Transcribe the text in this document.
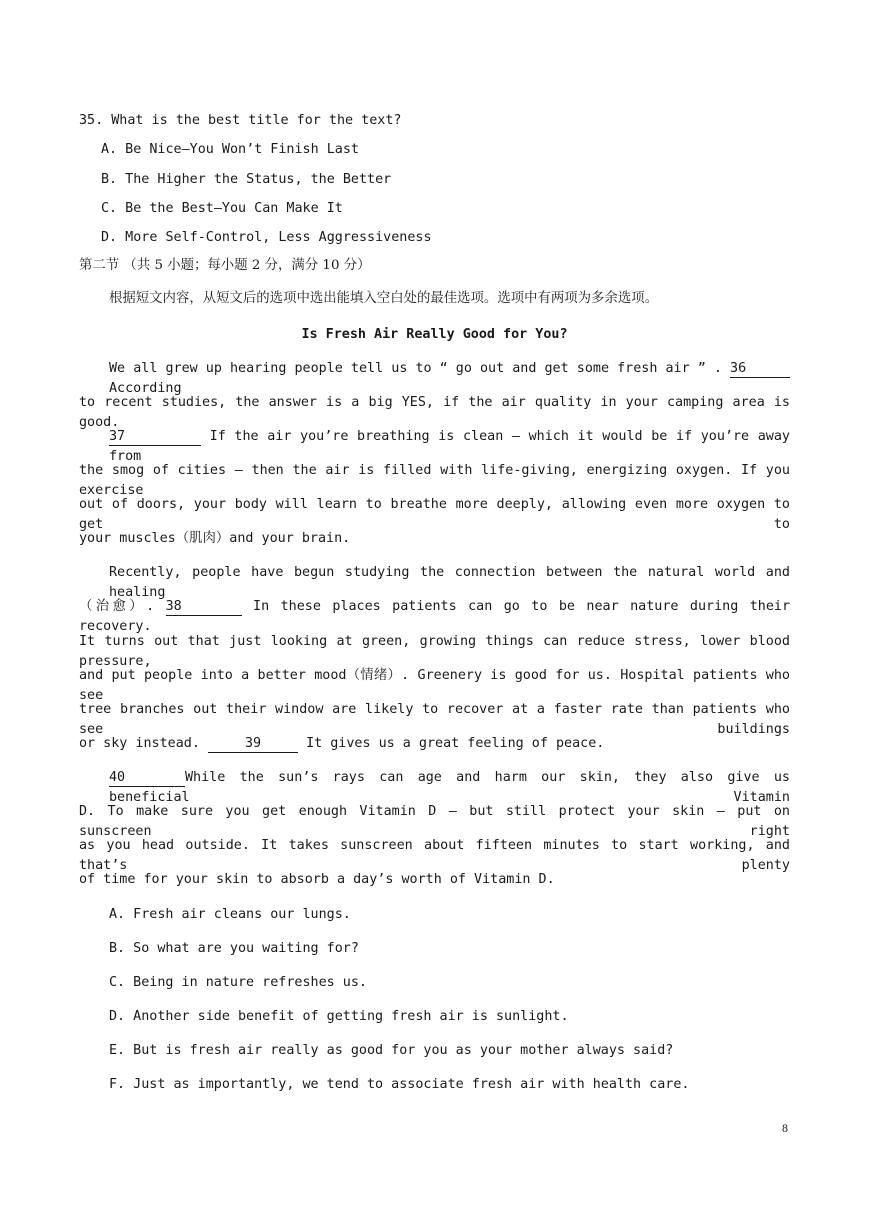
35. What is the best title for the text?
A. Be Nice—You Won’t Finish Last
B. The Higher the Status, the Better
C. Be the Best—You Can Make It
D. More Self-Control, Less Aggressiveness
第二节 （共 5 小题；每小题 2 分，满分 10 分）
根据短文内容，从短文后的选项中选出能填入空白处的最佳选项。选项中有两项为多余选项。
Is Fresh Air Really Good for You?
We all grew up hearing people tell us to “ go out and get some fresh air ” . 36 According
to recent studies, the answer is a big YES, if the air quality in your camping area is good.
37	If the air you’re breathing is clean — which it would be if you’re away from
the smog of cities — then the air is filled with life-giving, energizing oxygen. If you exercise
out of doors, your body will learn to breathe more deeply, allowing even more oxygen to get to
your muscles（肌肉）and your brain.
Recently, people have begun studying the connection between the natural world and healing
（治愈）. 38	In these places patients can go to be near nature during their recovery.
It turns out that just looking at green, growing things can reduce stress, lower blood pressure,
and put people into a better mood（情绪）. Greenery is good for us. Hospital patients who see
tree branches out their window are likely to recover at a faster rate than patients who see buildings
or sky instead.	39	It gives us a great feeling of peace.
40	While the sun’s rays can age and harm our skin, they also give us beneficial Vitamin
D. To make sure you get enough Vitamin D — but still protect your skin — put on sunscreen right
as you head outside. It takes sunscreen about fifteen minutes to start working, and that’s plenty
of time for your skin to absorb a day’s worth of Vitamin D.
A. Fresh air cleans our lungs.
B. So what are you waiting for?
C. Being in nature refreshes us.
D. Another side benefit of getting fresh air is sunlight.
E. But is fresh air really as good for you as your mother always said?
F. Just as importantly, we tend to associate fresh air with health care.
8
